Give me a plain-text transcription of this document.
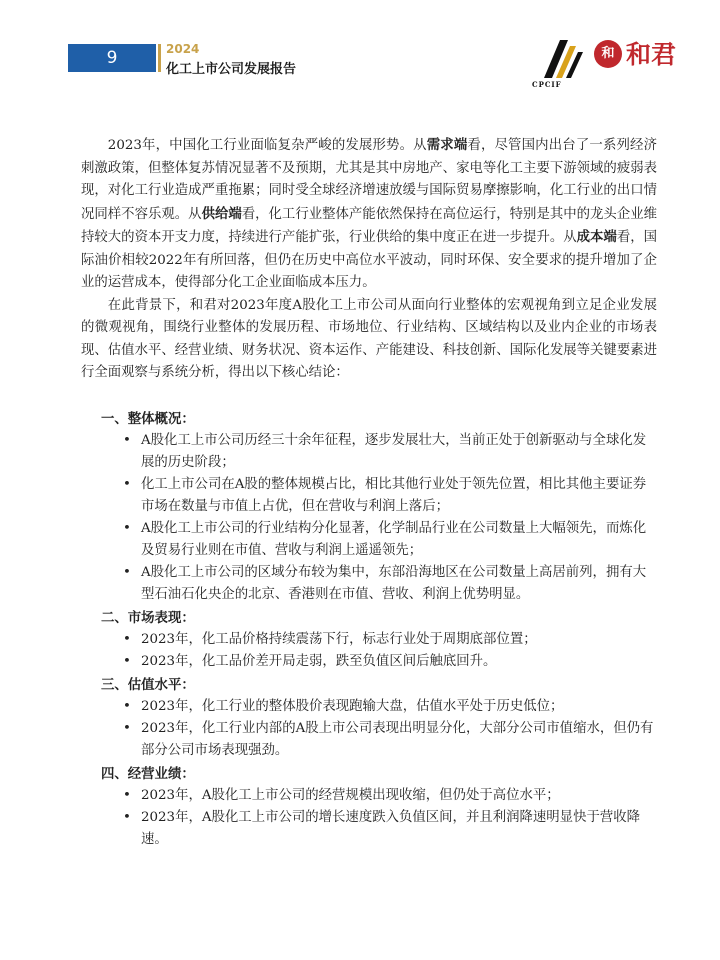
9	2024
化工上市公司发展报告
CPCIF
和 和君

2023年，中国化工行业面临复杂严峻的发展形势。从需求端看，尽管国内出台了一系列经济刺激政策，但整体复苏情况显著不及预期，尤其是其中房地产、家电等化工主要下游领域的疲弱表现，对化工行业造成严重拖累；同时受全球经济增速放缓与国际贸易摩擦影响，化工行业的出口情况同样不容乐观。从供给端看，化工行业整体产能依然保持在高位运行，特别是其中的龙头企业维持较大的资本开支力度，持续进行产能扩张，行业供给的集中度正在进一步提升。从成本端看，国际油价相较2022年有所回落，但仍在历史中高位水平波动，同时环保、安全要求的提升增加了企业的运营成本，使得部分化工企业面临成本压力。

在此背景下，和君对2023年度A股化工上市公司从面向行业整体的宏观视角到立足企业发展的微观视角，围绕行业整体的发展历程、市场地位、行业结构、区域结构以及业内企业的市场表现、估值水平、经营业绩、财务状况、资本运作、产能建设、科技创新、国际化发展等关键要素进行全面观察与系统分析，得出以下核心结论：

一、整体概况：
• A股化工上市公司历经三十余年征程，逐步发展壮大，当前正处于创新驱动与全球化发展的历史阶段；
• 化工上市公司在A股的整体规模占比，相比其他行业处于领先位置，相比其他主要证券市场在数量与市值上占优，但在营收与利润上落后；
• A股化工上市公司的行业结构分化显著，化学制品行业在公司数量上大幅领先，而炼化及贸易行业则在市值、营收与利润上遥遥领先；
• A股化工上市公司的区域分布较为集中，东部沿海地区在公司数量上高居前列，拥有大型石油石化央企的北京、香港则在市值、营收、利润上优势明显。
二、市场表现：
• 2023年，化工品价格持续震荡下行，标志行业处于周期底部位置；
• 2023年，化工品价差开局走弱，跌至负值区间后触底回升。
三、估值水平：
• 2023年，化工行业的整体股价表现跑输大盘，估值水平处于历史低位；
• 2023年，化工行业内部的A股上市公司表现出明显分化，大部分公司市值缩水，但仍有部分公司市场表现强劲。
四、经营业绩：
• 2023年，A股化工上市公司的经营规模出现收缩，但仍处于高位水平；
• 2023年，A股化工上市公司的增长速度跌入负值区间，并且利润降速明显快于营收降速。
